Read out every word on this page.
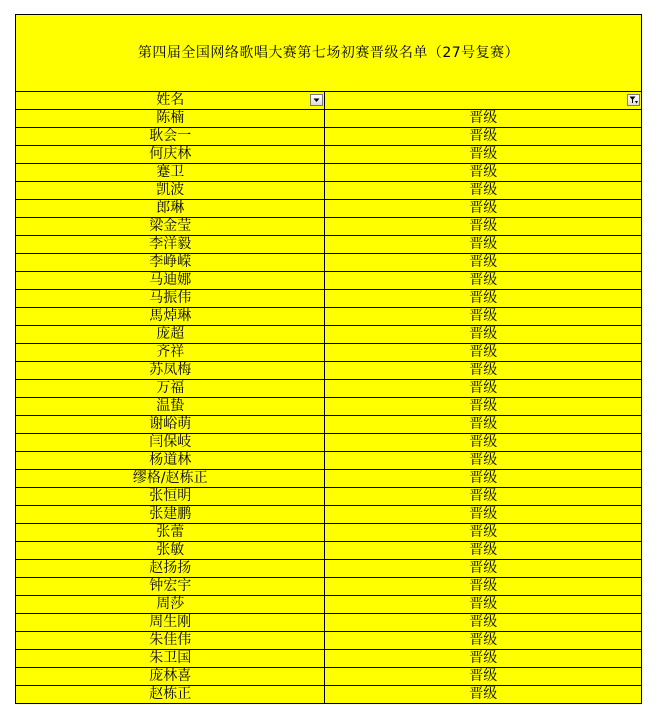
第四届全国网络歌唱大赛第七场初赛晋级名单（27号复赛）	
姓名

陈楠	晋级
耿会一	晋级
何庆林	晋级
蹇卫	晋级
凯波	晋级
郎琳	晋级
梁金莹	晋级
李洋毅	晋级
李峥嵘	晋级
马迪娜	晋级
马振伟	晋级
馬焯琳	晋级
庞超	晋级
齐祥	晋级
苏凤梅	晋级
万福	晋级
温蛰	晋级
谢峪萌	晋级
闫保岐	晋级
杨道林	晋级
缪格/赵栋正	晋级
张恒明	晋级
张建鹏	晋级
张蕾	晋级
张敏	晋级
赵扬扬	晋级
钟宏宇	晋级
周莎	晋级
周生刚	晋级
朱佳伟	晋级
朱卫国	晋级
庞林喜	晋级
赵栋正	晋级
